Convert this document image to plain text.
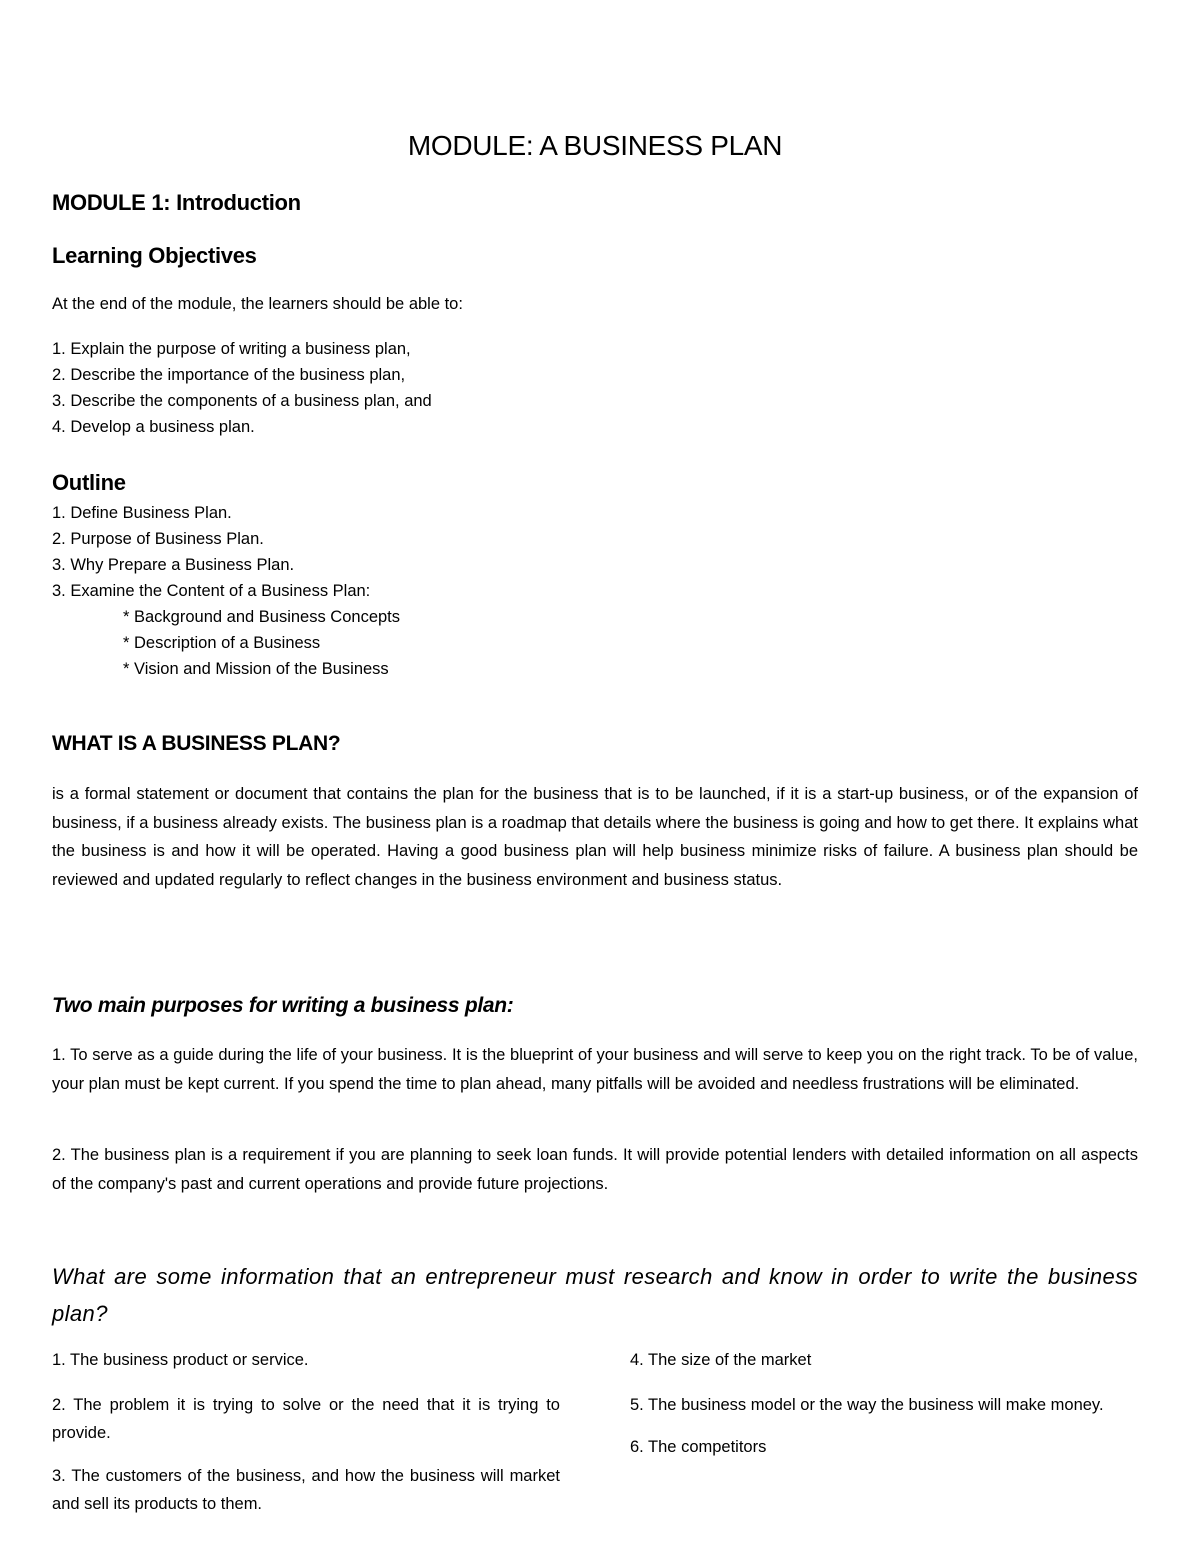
MODULE: A BUSINESS PLAN
MODULE 1: Introduction
Learning Objectives
At the end of the module, the learners should be able to:
1. Explain the purpose of writing a business plan,
2. Describe the importance of the business plan,
3. Describe the components of a business plan, and
4. Develop a business plan.
Outline
1. Define Business Plan.
2. Purpose of Business Plan.
3. Why Prepare a Business Plan.
3. Examine the Content of a Business Plan:
* Background and Business Concepts
* Description of a Business
* Vision and Mission of the Business
WHAT IS A BUSINESS PLAN?
is a formal statement or document that contains the plan for the business that is to be launched, if it is a start-up business, or of the expansion of business, if a business already exists. The business plan is a roadmap that details where the business is going and how to get there. It explains what the business is and how it will be operated. Having a good business plan will help business minimize risks of failure. A business plan should be reviewed and updated regularly to reflect changes in the business environment and business status.
Two main purposes for writing a business plan:
1. To serve as a guide during the life of your business. It is the blueprint of your business and will serve to keep you on the right track. To be of value, your plan must be kept current. If you spend the time to plan ahead, many pitfalls will be avoided and needless frustrations will be eliminated.
2. The business plan is a requirement if you are planning to seek loan funds. It will provide potential lenders with detailed information on all aspects of the company's past and current operations and provide future projections.
What are some information that an entrepreneur must research and know in order to write the business plan?
1. The business product or service.
2. The problem it is trying to solve or the need that it is trying to provide.
3. The customers of the business, and how the business will market and sell its products to them.
4. The size of the market
5. The business model or the way the business will make money.
6. The competitors
